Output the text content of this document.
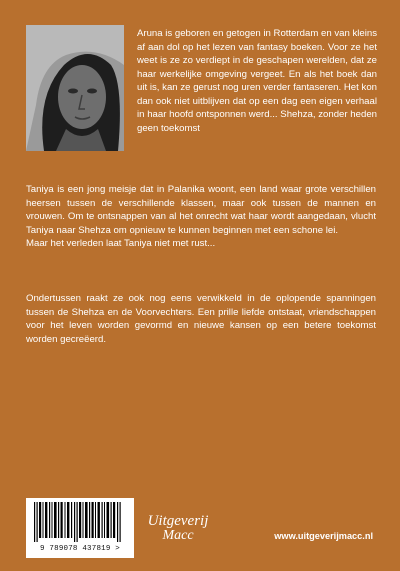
Aruna is geboren en getogen in Rotterdam en van kleins af aan dol op het lezen van fantasy boeken. Voor ze het weet is ze zo verdiept in de geschapen werelden, dat ze haar werkelijke omgeving vergeet. En als het boek dan uit is, kan ze gerust nog uren verder fantaseren. Het kon dan ook niet uitblijven dat op een dag een eigen verhaal in haar hoofd ontsponnen werd... Shehza, zonder heden geen toekomst

Taniya is een jong meisje dat in Palanika woont, een land waar grote verschillen heersen tussen de verschillende klassen, maar ook tussen de mannen en vrouwen. Om te ontsnappen van al het onrecht wat haar wordt aangedaan, vlucht Taniya naar Shehza om opnieuw te kunnen beginnen met een schone lei.

Maar het verleden laat Taniya niet met rust...

Ondertussen raakt ze ook nog eens verwikkeld in de oplopende spanningen tussen de Shehza en de Voorvechters. Een prille liefde ontstaat, vriendschappen voor het leven worden gevormd en nieuwe kansen op een betere toekomst worden gecreëerd.

9 789078 437819 >
Uitgeverij
Macc	www.uitgeverijmacc.nl
